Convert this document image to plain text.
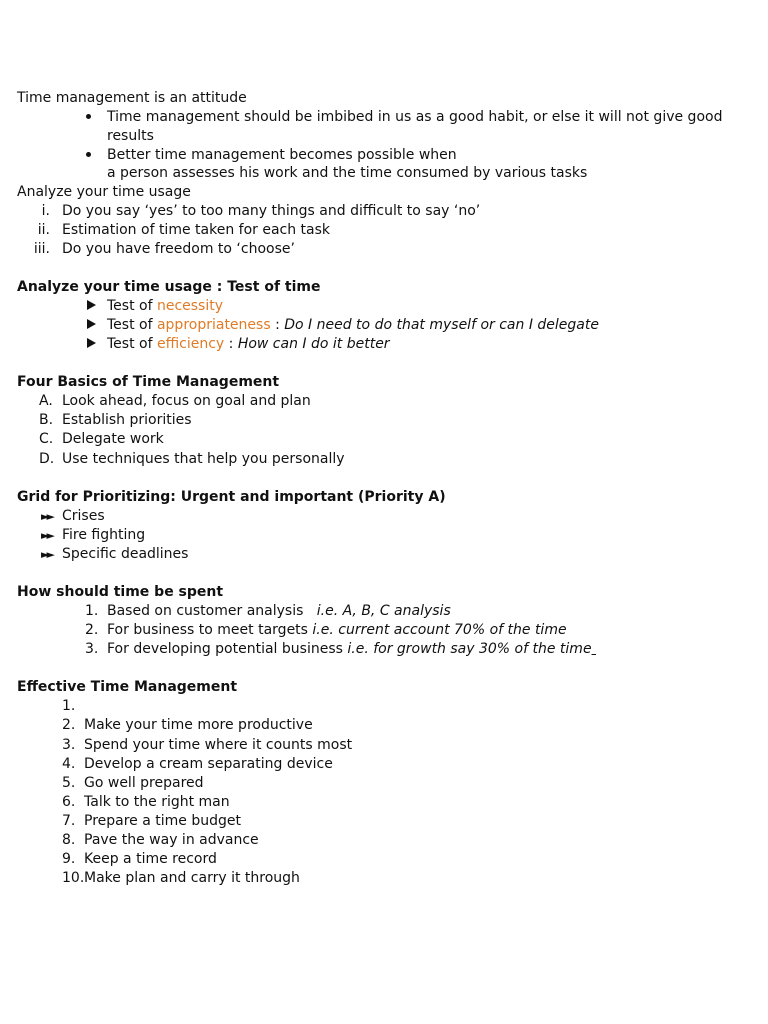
Time management is an attitude
Time management should be imbibed in us as a good habit, or else it will not give good
results
Better time management becomes possible when
a person assesses his work and the time consumed by various tasks
Analyze your time usage
i. Do you say ‘yes’ to too many things and difficult to say ‘no’
ii. Estimation of time taken for each task
iii. Do you have freedom to ‘choose’
Analyze your time usage : Test of time
Test of necessity
Test of appropriateness : Do I need to do that myself or can I delegate
Test of efficiency : How can I do it better
Four Basics of Time Management
A. Look ahead, focus on goal and plan
B. Establish priorities
C. Delegate work
D. Use techniques that help you personally
Grid for Prioritizing: Urgent and important (Priority A)
►► Crises
►► Fire fighting
►► Specific deadlines
How should time be spent
1. Based on customer analysis   i.e. A, B, C analysis
2. For business to meet targets i.e. current account 70% of the time
3. For developing potential business i.e. for growth say 30% of the time
Effective Time Management
1.
2. Make your time more productive
3. Spend your time where it counts most
4. Develop a cream separating device
5. Go well prepared
6. Talk to the right man
7. Prepare a time budget
8. Pave the way in advance
9. Keep a time record
10. Make plan and carry it through
